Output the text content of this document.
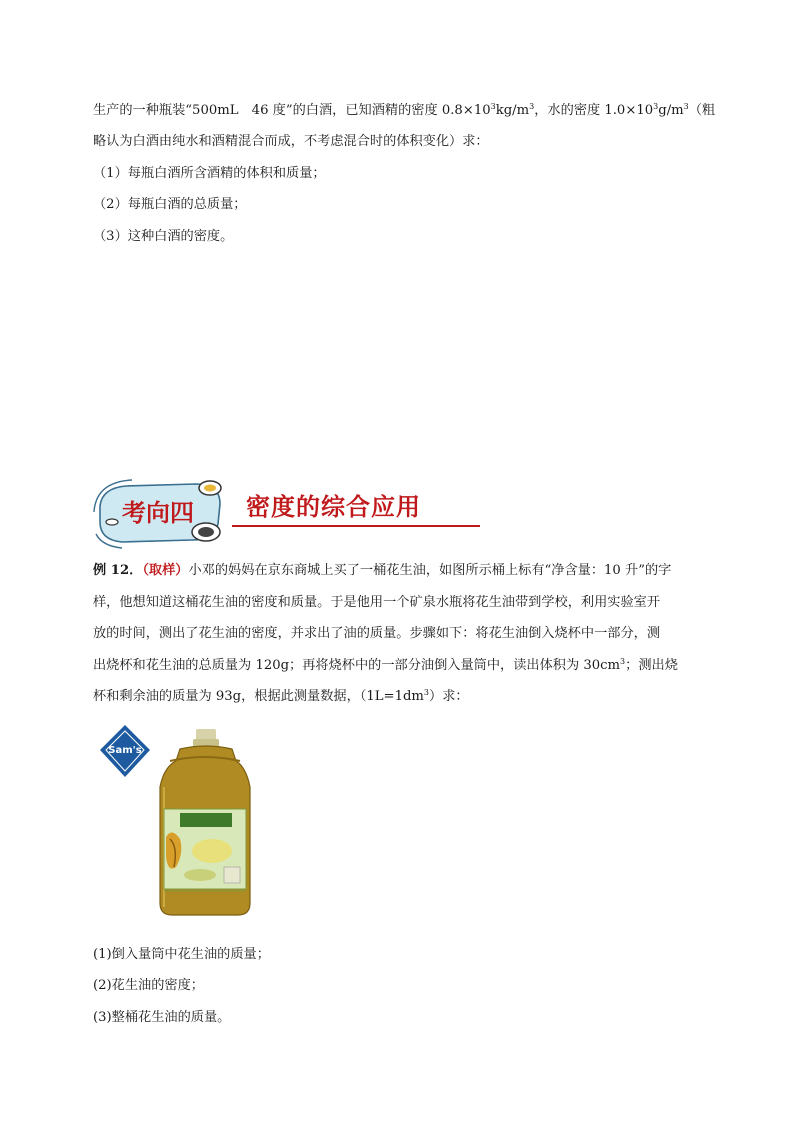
生产的一种瓶装“500mL　46 度”的白酒，已知酒精的密度 $0.8\times 10^3kg/m^3$，水的密度 $1.0\times 10^3g/m^3$（粗
略认为白酒由纯水和酒精混合而成，不考虑混合时的体积变化）求：
（1）每瓶白酒所含酒精的体积和质量；
（2）每瓶白酒的总质量；
（3）这种白酒的密度。
考向四	密度的综合应用
例 12．（取样）小邓的妈妈在京东商城上买了一桶花生油，如图所示桶上标有“净含量：10 升”的字
样，他想知道这桶花生油的密度和质量。于是他用一个矿泉水瓶将花生油带到学校，利用实验室开
放的时间，测出了花生油的密度，并求出了油的质量。步骤如下：将花生油倒入烧杯中一部分，测
出烧杯和花生油的总质量为 120g；再将烧杯中的一部分油倒入量筒中，读出体积为 $30cm^3$；测出烧
杯和剩余油的质量为 93g，根据此测量数据，$(1L=1dm^3)$求：
Sam's
(1)倒入量筒中花生油的质量；
(2)花生油的密度；
(3)整桶花生油的质量。
